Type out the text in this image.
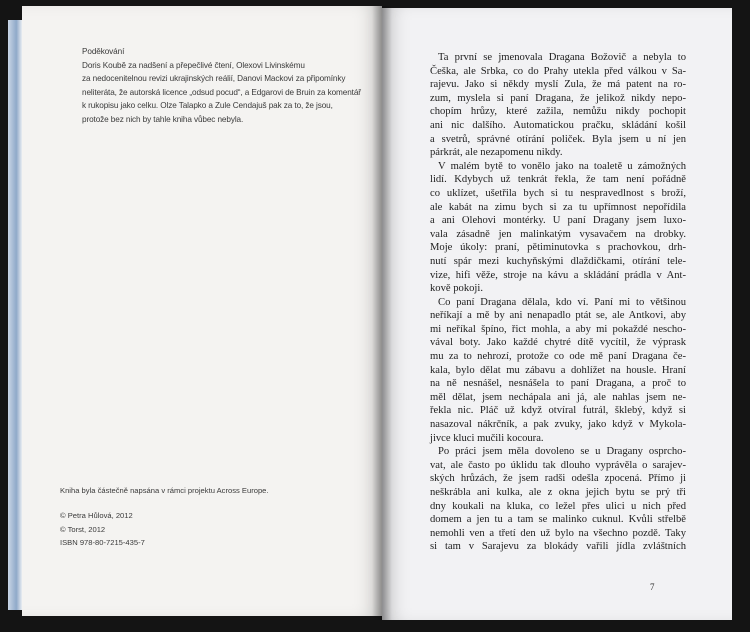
Poděkování
Doris Koubě za nadšení a přepečlivé čtení, Olexovi Livinskému
za nedocenitelnou revizi ukrajinských reálií, Danovi Mackovi za připomínky
neliteráta, že autorská licence „odsud pocud“, a Edgarovi de Bruin za komentář
k rukopisu jako celku. Olze Talapko a Zule Cendajuš pak za to, že jsou,
protože bez nich by tahle kniha vůbec nebyla.
Kniha byla částečně napsána v rámci projektu Across Europe.
© Petra Hůlová, 2012
© Torst, 2012
ISBN 978-80-7215-435-7
Ta první se jmenovala Dragana Božovič a nebyla to
Češka, ale Srbka, co do Prahy utekla před válkou v Sa-
rajevu. Jako si někdy myslí Zula, že má patent na ro-
zum, myslela si paní Dragana, že jelikož nikdy nepo-
chopím hrůzy, které zažila, nemůžu nikdy pochopit
ani nic dalšího. Automatickou pračku, skládání košil
a svetrů, správné otírání poliček. Byla jsem u ní jen
párkrát, ale nezapomenu nikdy.
V malém bytě to vonělo jako na toaletě u zámožných
lidí. Kdybych už tenkrát řekla, že tam není pořádně
co uklízet, ušetřila bych si tu nespravedlnost s broží,
ale kabát na zimu bych si za tu upřímnost nepořídila
a ani Olehovi montérky. U paní Dragany jsem luxo-
vala zásadně jen malinkatým vysavačem na drobky.
Moje úkoly: praní, pětiminutovka s prachovkou, drh-
nutí spár mezi kuchyňskými dlaždičkami, otírání tele-
vize, hifi věže, stroje na kávu a skládání prádla v Ant-
kově pokoji.
Co paní Dragana dělala, kdo ví. Paní mi to většinou
neříkají a mě by ani nenapadlo ptát se, ale Antkovi, aby
mi neříkal špíno, řict mohla, a aby mi pokaždé nescho-
vával boty. Jako každé chytré dítě vycítil, že výprask
mu za to nehrozí, protože co ode mě paní Dragana če-
kala, bylo dělat mu zábavu a dohlížet na housle. Hraní
na ně nesnášel, nesnášela to paní Dragana, a proč to
měl dělat, jsem nechápala ani já, ale nahlas jsem ne-
řekla nic. Pláč už když otvíral futrál, šklebý, když si
nasazoval nákrčník, a pak zvuky, jako když v Mykola-
jivce kluci mučili kocoura.
Po práci jsem měla dovoleno se u Dragany osprcho-
vat, ale často po úklidu tak dlouho vyprávěla o sarajev-
ských hrůzách, že jsem radši odešla zpocená. Přímo ji
neškrábla ani kulka, ale z okna jejich bytu se prý tři
dny koukali na kluka, co ležel přes ulici u nich před
domem a jen tu a tam se malinko cuknul. Kvůli střelbě
nemohli ven a třetí den už bylo na všechno pozdě. Taky
si tam v Sarajevu za blokády vařili jídla zvláštních
7
